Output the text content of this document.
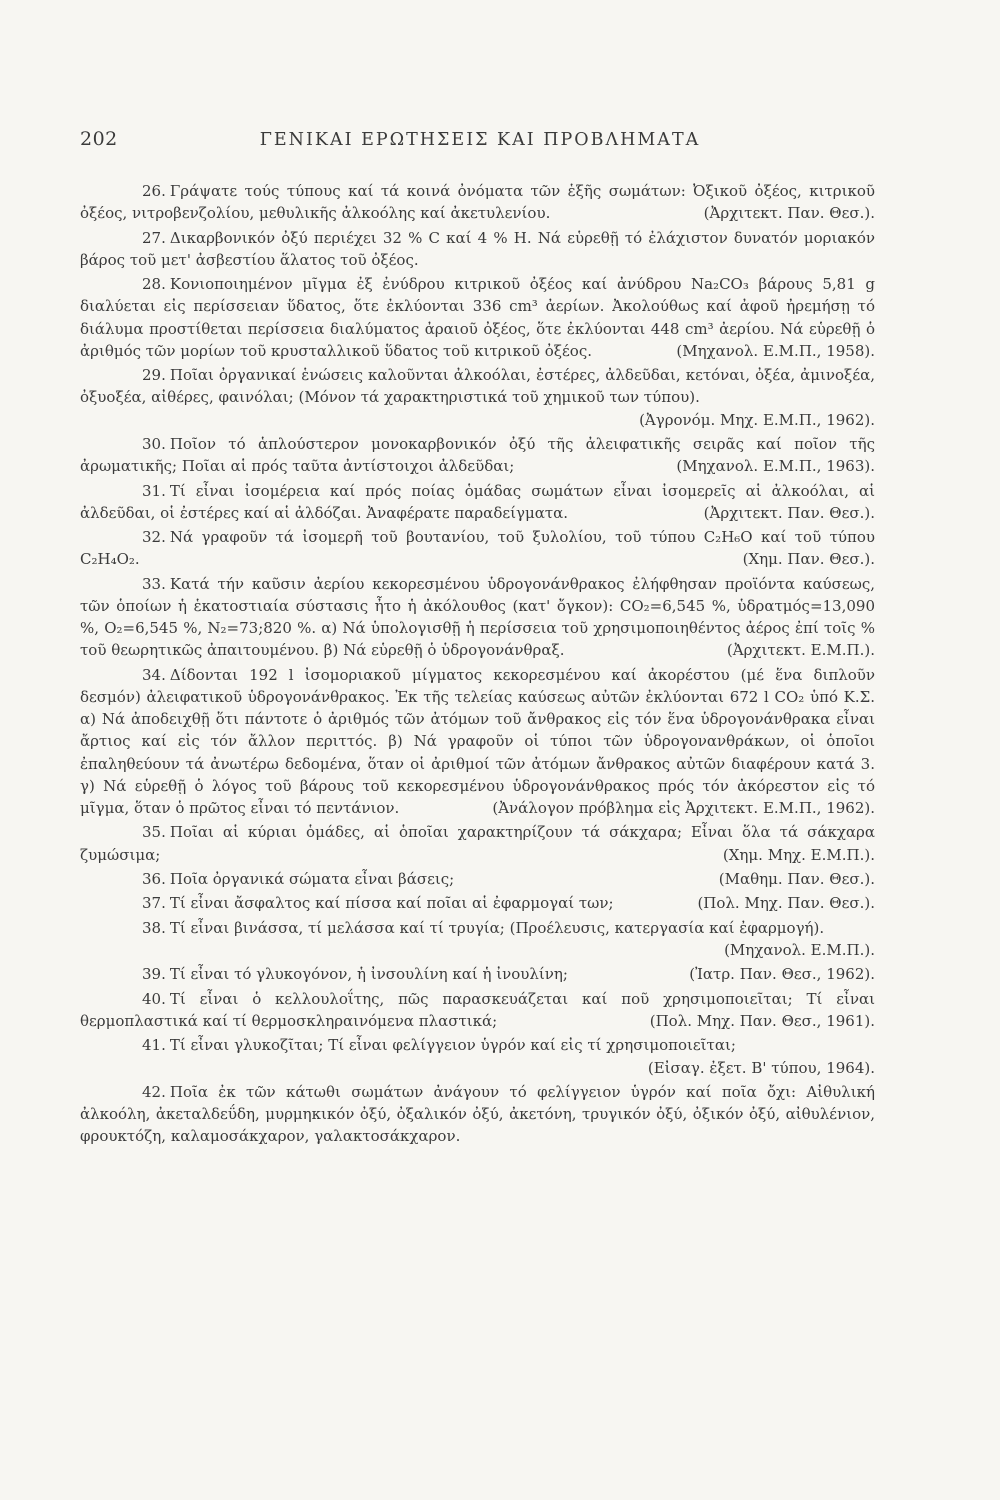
202	ΓΕΝΙΚΑΙ ΕΡΩΤΗΣΕΙΣ ΚΑΙ ΠΡΟΒΛΗΜΑΤΑ

26. Γράψατε τούς τύπους καί τά κοινά ὀνόματα τῶν ἑξῆς σωμάτων: Ὀξικοῦ ὀξέος, κιτρικοῦ ὀξέος, νιτροβενζολίου, μεθυλικῆς ἀλκοόλης καί ἀκετυλενίου.	(Ἀρχιτεκτ. Παν. Θεσ.).

27. Δικαρβονικόν ὀξύ περιέχει 32 % C καί 4 % Η. Νά εὑρεθῇ τό ἐλάχιστον δυνατόν μοριακόν βάρος τοῦ μετ' ἀσβεστίου ἅλατος τοῦ ὀξέος.

28. Κονιοποιημένον μῖγμα ἐξ ἐνύδρου κιτρικοῦ ὀξέος καί ἀνύδρου Na₂CO₃ βάρους 5,81 g διαλύεται εἰς περίσσειαν ὕδατος, ὅτε ἐκλύονται 336 cm³ ἀερίων. Ἀκολούθως καί ἀφοῦ ἠρεμήσῃ τό διάλυμα προστίθεται περίσσεια διαλύματος ἀραιοῦ ὀξέος, ὅτε ἐκλύονται 448 cm³ ἀερίου. Νά εὑρεθῇ ὁ ἀριθμός τῶν μορίων τοῦ κρυσταλλικοῦ ὕδατος τοῦ κιτρικοῦ ὀξέος.	(Μηχανολ. Ε.Μ.Π., 1958).

29. Ποῖαι ὀργανικαί ἑνώσεις καλοῦνται ἀλκοόλαι, ἐστέρες, ἀλδεῦδαι, κετόναι, ὀξέα, ἀμινοξέα, ὀξυοξέα, αἰθέρες, φαινόλαι; (Μόνον τά χαρακτηριστικά τοῦ χημικοῦ των τύπου).
(Ἀγρονόμ. Μηχ. Ε.Μ.Π., 1962).

30. Ποῖον τό ἁπλούστερον μονοκαρβονικόν ὀξύ τῆς ἀλειφατικῆς σειρᾶς καί ποῖον τῆς ἀρωματικῆς; Ποῖαι αἱ πρός ταῦτα ἀντίστοιχοι ἀλδεῦδαι;	(Μηχανολ. Ε.Μ.Π., 1963).

31. Τί εἶναι ἰσομέρεια καί πρός ποίας ὁμάδας σωμάτων εἶναι ἰσομερεῖς αἱ ἀλκοόλαι, αἱ ἀλδεῦδαι, οἱ ἐστέρες καί αἱ ἀλδόζαι. Ἀναφέρατε παραδείγματα.	(Ἀρχιτεκτ. Παν. Θεσ.).

32. Νά γραφοῦν τά ἰσομερῆ τοῦ βουτανίου, τοῦ ξυλολίου, τοῦ τύπου C₂H₆O καί τοῦ τύπου C₂H₄O₂.	(Χημ. Παν. Θεσ.).

33. Κατά τήν καῦσιν ἀερίου κεκορεσμένου ὑδρογονάνθρακος ἐλήφθησαν προϊόντα καύσεως, τῶν ὁποίων ἡ ἑκατοστιαία σύστασις ἦτο ἡ ἀκόλουθος (κατ' ὄγκον): CO₂=6,545 %, ὑδρατμός=13,090 %, O₂=6,545 %, N₂=73;820 %. α) Νά ὑπολογισθῇ ἡ περίσσεια τοῦ χρησιμοποιηθέντος ἀέρος ἐπί τοῖς % τοῦ θεωρητικῶς ἀπαιτουμένου. β) Νά εὑρεθῇ ὁ ὑδρογονάνθραξ.	(Ἀρχιτεκτ. Ε.Μ.Π.).

34. Δίδονται 192 l ἰσομοριακοῦ μίγματος κεκορεσμένου καί ἀκορέστου (μέ ἕνα διπλοῦν δεσμόν) ἀλειφατικοῦ ὑδρογονάνθρακος. Ἐκ τῆς τελείας καύσεως αὐτῶν ἐκλύονται 672 l CO₂ ὑπό Κ.Σ. α) Νά ἀποδειχθῇ ὅτι πάντοτε ὁ ἀριθμός τῶν ἀτόμων τοῦ ἄνθρακος εἰς τόν ἕνα ὑδρογονάνθρακα εἶναι ἄρτιος καί εἰς τόν ἄλλον περιττός. β) Νά γραφοῦν οἱ τύποι τῶν ὑδρογονανθράκων, οἱ ὁποῖοι ἐπαληθεύουν τά ἀνωτέρω δεδομένα, ὅταν οἱ ἀριθμοί τῶν ἀτόμων ἄνθρακος αὐτῶν διαφέρουν κατά 3. γ) Νά εὑρεθῇ ὁ λόγος τοῦ βάρους τοῦ κεκορεσμένου ὑδρογονάνθρακος πρός τόν ἀκόρεστον εἰς τό μῖγμα, ὅταν ὁ πρῶτος εἶναι τό πεντάνιον.	(Ἀνάλογον πρόβλημα εἰς Ἀρχιτεκτ. Ε.Μ.Π., 1962).

35. Ποῖαι αἱ κύριαι ὁμάδες, αἱ ὁποῖαι χαρακτηρίζουν τά σάκχαρα; Εἶναι ὅλα τά σάκχαρα ζυμώσιμα;	(Χημ. Μηχ. Ε.Μ.Π.).

36. Ποῖα ὀργανικά σώματα εἶναι βάσεις;	(Μαθημ. Παν. Θεσ.).

37. Τί εἶναι ἄσφαλτος καί πίσσα καί ποῖαι αἱ ἐφαρμογαί των;	(Πολ. Μηχ. Παν. Θεσ.).

38. Τί εἶναι βινάσσα, τί μελάσσα καί τί τρυγία; (Προέλευσις, κατεργασία καί ἐφαρμογή).
(Μηχανολ. Ε.Μ.Π.).

39. Τί εἶναι τό γλυκογόνον, ἡ ἰνσουλίνη καί ἡ ἰνουλίνη;	(Ἰατρ. Παν. Θεσ., 1962).

40. Τί εἶναι ὁ κελλουλοΐτης, πῶς παρασκευάζεται καί ποῦ χρησιμοποιεῖται; Τί εἶναι θερμοπλαστικά καί τί θερμοσκληραινόμενα πλαστικά;	(Πολ. Μηχ. Παν. Θεσ., 1961).

41. Τί εἶναι γλυκοζῖται; Τί εἶναι φελίγγειον ὑγρόν καί εἰς τί χρησιμοποιεῖται;
(Εἰσαγ. ἐξετ. Β' τύπου, 1964).

42. Ποῖα ἐκ τῶν κάτωθι σωμάτων ἀνάγουν τό φελίγγειον ὑγρόν καί ποῖα ὄχι: Αἰθυλική ἀλκοόλη, ἀκεταλδεΰδη, μυρμηκικόν ὀξύ, ὀξαλικόν ὀξύ, ἀκετόνη, τρυγικόν ὀξύ, ὀξικόν ὀξύ, αἰθυλένιον, φρουκτόζη, καλαμοσάκχαρον, γαλακτοσάκχαρον.
